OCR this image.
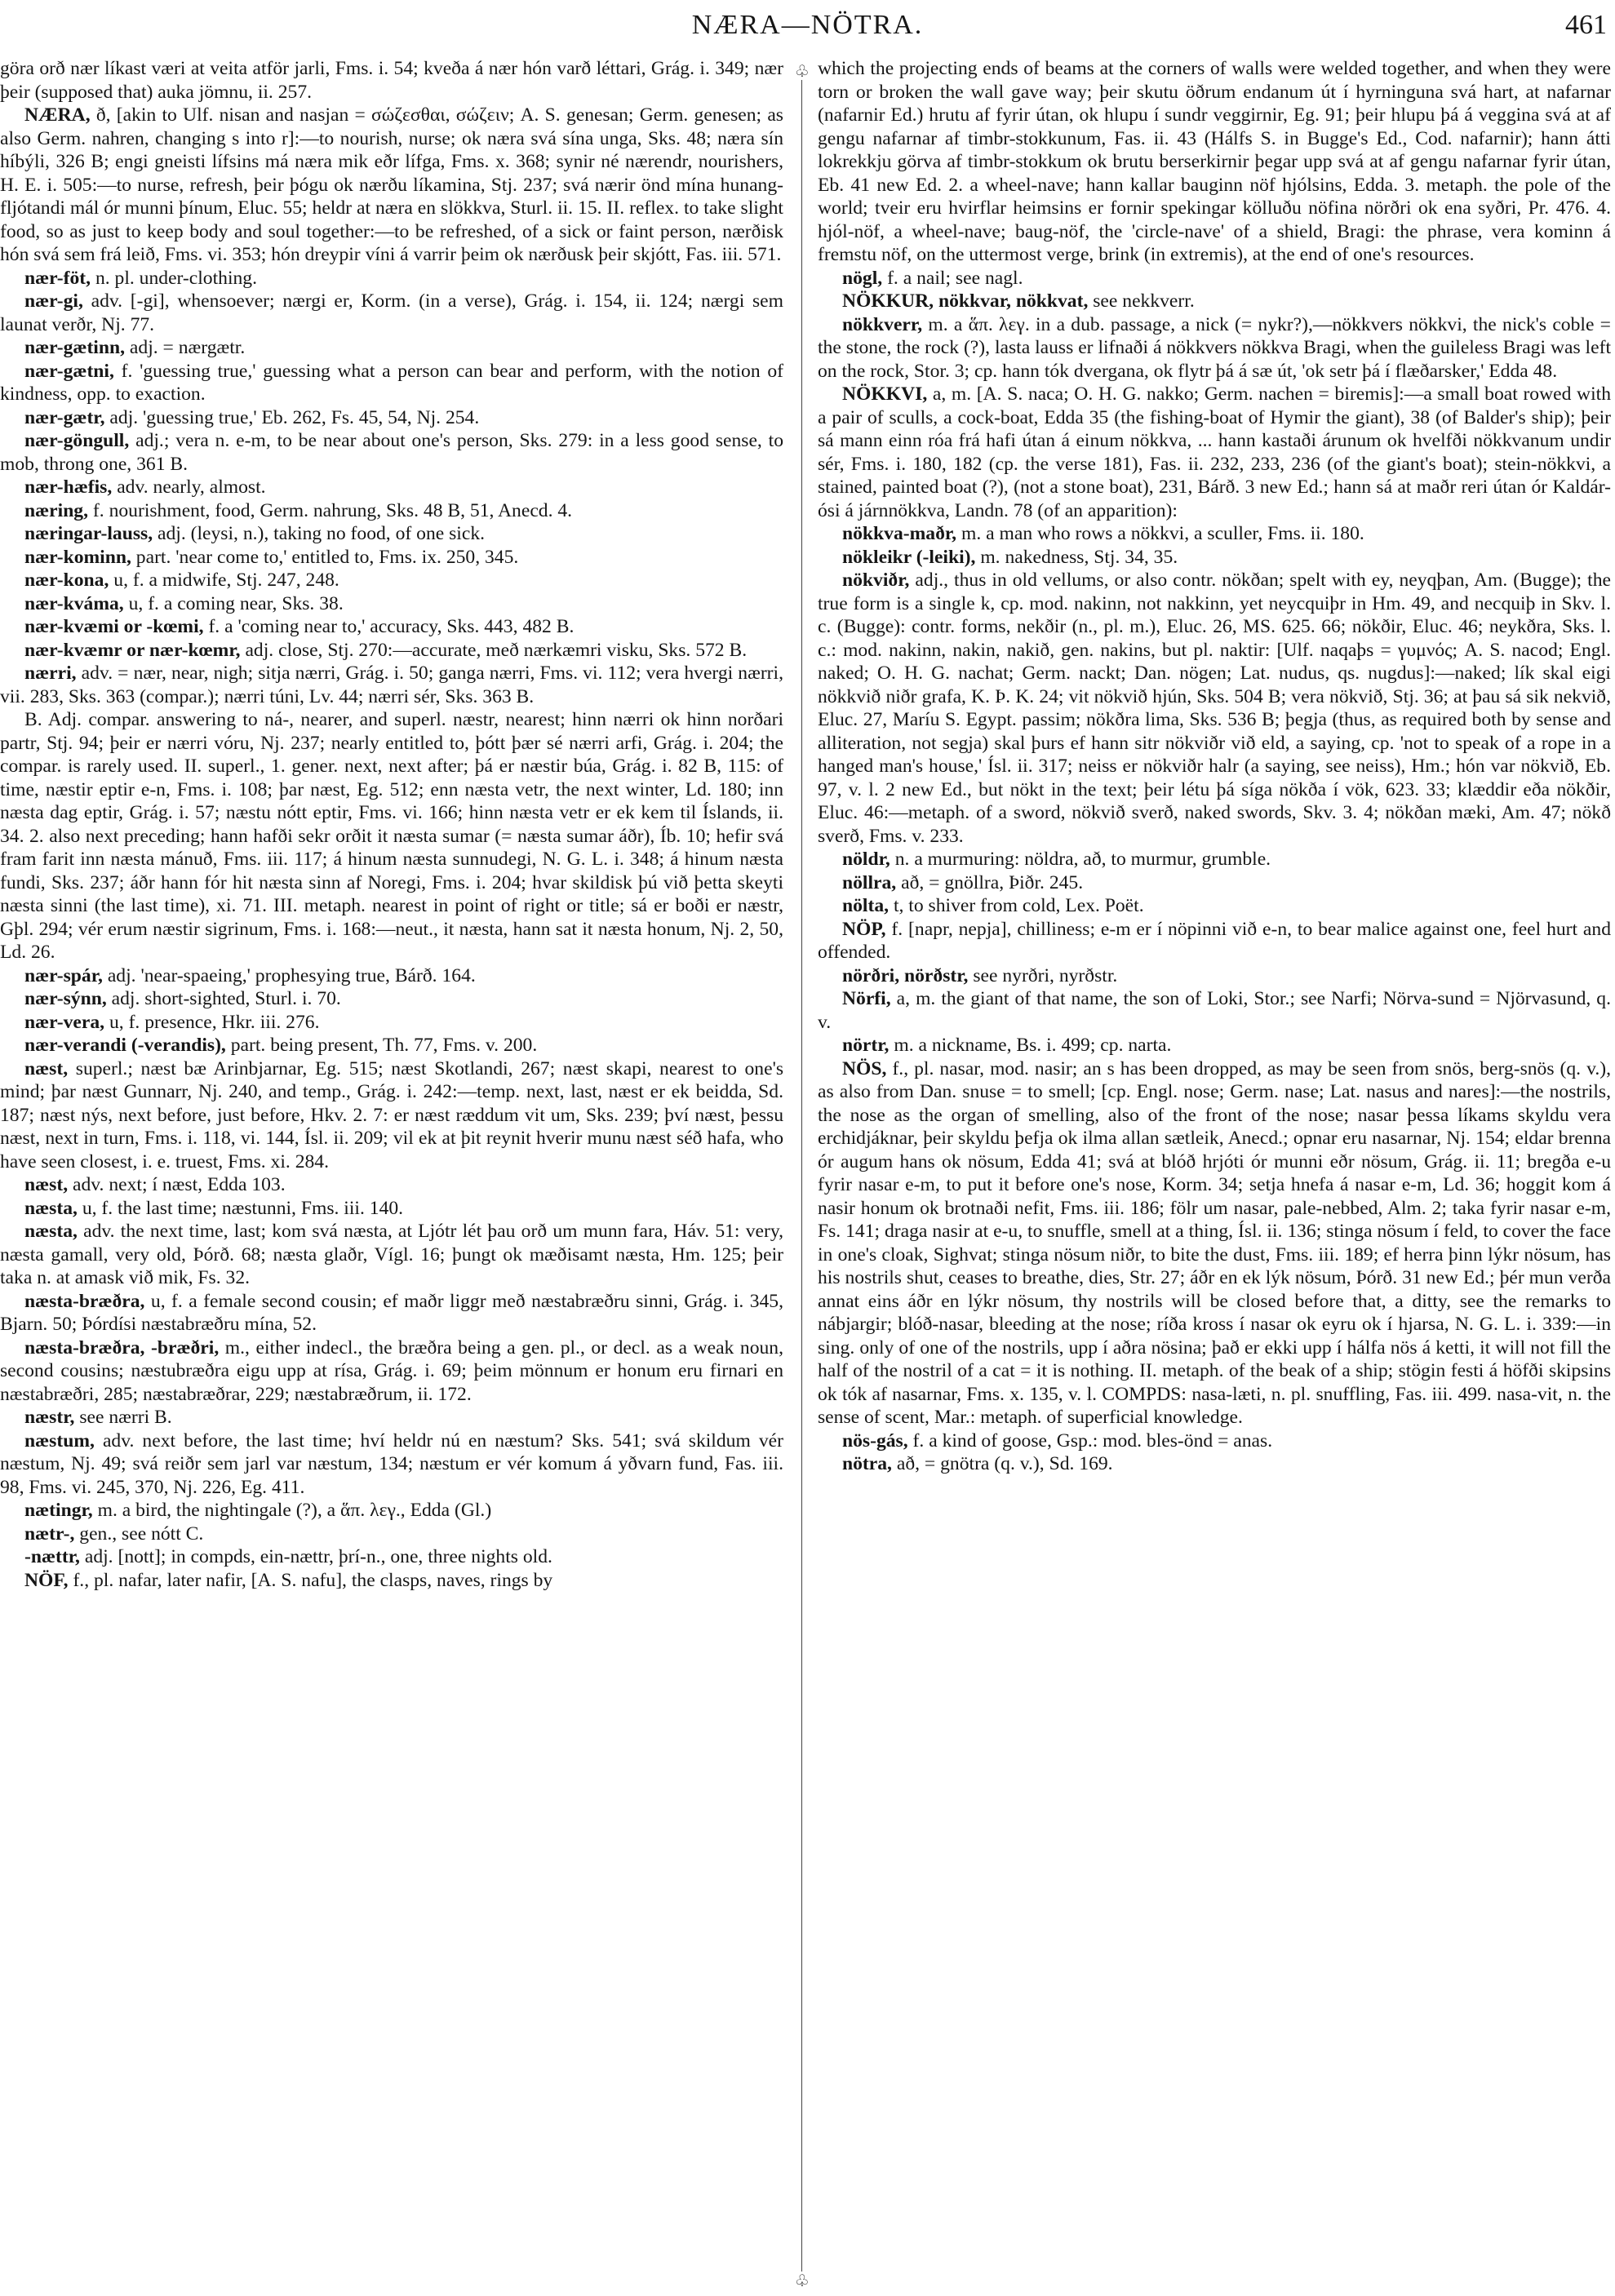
NÆRA—NÖTRA.	461

göra orð nær líkast væri at veita atför jarli, Fms. i. 54; kveða á nær hón varð léttari, Grág. i. 349; nær þeir (supposed that) auka jömnu, ii. 257.

NÆRA, ð, [akin to Ulf. nisan and nasjan = σώζεσθαι, σώζειν; A. S. genesan; Germ. genesen; as also Germ. nahren, changing s into r]:—to nourish, nurse; ok næra svá sína unga, Sks. 48; næra sín híbýli, 326 B; engi gneisti lífsins má næra mik eðr lífga, Fms. x. 368; synir né nærendr, nourishers, H. E. i. 505:—to nurse, refresh, þeir þógu ok nærðu líkamina, Stj. 237; svá nærir önd mína hunang-fljótandi mál ór munni þínum, Eluc. 55; heldr at næra en slökkva, Sturl. ii. 15. II. reflex. to take slight food, so as just to keep body and soul together:—to be refreshed, of a sick or faint person, nærðisk hón svá sem frá leið, Fms. vi. 353; hón dreypir víni á varrir þeim ok nærðusk þeir skjótt, Fas. iii. 571.

nær-föt, n. pl. under-clothing.

nær-gi, adv. [-gi], whensoever; nærgi er, Korm. (in a verse), Grág. i. 154, ii. 124; nærgi sem launat verðr, Nj. 77.

nær-gætinn, adj. = nærgætr.

nær-gætni, f. 'guessing true,' guessing what a person can bear and perform, with the notion of kindness, opp. to exaction.

nær-gætr, adj. 'guessing true,' Eb. 262, Fs. 45, 54, Nj. 254.

nær-göngull, adj.; vera n. e-m, to be near about one's person, Sks. 279: in a less good sense, to mob, throng one, 361 B.

nær-hæfis, adv. nearly, almost.

næring, f. nourishment, food, Germ. nahrung, Sks. 48 B, 51, Anecd. 4.

næringar-lauss, adj. (leysi, n.), taking no food, of one sick.

nær-kominn, part. 'near come to,' entitled to, Fms. ix. 250, 345.

nær-kona, u, f. a midwife, Stj. 247, 248.

nær-kváma, u, f. a coming near, Sks. 38.

nær-kvæmi or -kœmi, f. a 'coming near to,' accuracy, Sks. 443, 482 B.

nær-kvæmr or nær-kœmr, adj. close, Stj. 270:—accurate, með nærkæmri visku, Sks. 572 B.

nærri, adv. = nær, near, nigh; sitja nærri, Grág. i. 50; ganga nærri, Fms. vi. 112; vera hvergi nærri, vii. 283, Sks. 363 (compar.); nærri túni, Lv. 44; nærri sér, Sks. 363 B.

B. Adj. compar. answering to ná-, nearer, and superl. næstr, nearest; hinn nærri ok hinn norðari partr, Stj. 94; þeir er nærri vóru, Nj. 237; nearly entitled to, þótt þær sé nærri arfi, Grág. i. 204; the compar. is rarely used. II. superl., 1. gener. next, next after; þá er næstir búa, Grág. i. 82 B, 115: of time, næstir eptir e-n, Fms. i. 108; þar næst, Eg. 512; enn næsta vetr, the next winter, Ld. 180; inn næsta dag eptir, Grág. i. 57; næstu nótt eptir, Fms. vi. 166; hinn næsta vetr er ek kem til Íslands, ii. 34. 2. also next preceding; hann hafði sekr orðit it næsta sumar (= næsta sumar áðr), Íb. 10; hefir svá fram farit inn næsta mánuð, Fms. iii. 117; á hinum næsta sunnudegi, N. G. L. i. 348; á hinum næsta fundi, Sks. 237; áðr hann fór hit næsta sinn af Noregi, Fms. i. 204; hvar skildisk þú við þetta skeyti næsta sinni (the last time), xi. 71. III. metaph. nearest in point of right or title; sá er boði er næstr, Gþl. 294; vér erum næstir sigrinum, Fms. i. 168:—neut., it næsta, hann sat it næsta honum, Nj. 2, 50, Ld. 26.

nær-spár, adj. 'near-spaeing,' prophesying true, Bárð. 164.

nær-sýnn, adj. short-sighted, Sturl. i. 70.

nær-vera, u, f. presence, Hkr. iii. 276.

nær-verandi (-verandis), part. being present, Th. 77, Fms. v. 200.

næst, superl.; næst bæ Arinbjarnar, Eg. 515; næst Skotlandi, 267; næst skapi, nearest to one's mind; þar næst Gunnarr, Nj. 240, and temp., Grág. i. 242:—temp. next, last, næst er ek beidda, Sd. 187; næst nýs, next before, just before, Hkv. 2. 7: er næst ræddum vit um, Sks. 239; því næst, þessu næst, next in turn, Fms. i. 118, vi. 144, Ísl. ii. 209; vil ek at þit reynit hverir munu næst séð hafa, who have seen closest, i. e. truest, Fms. xi. 284.

næst, adv. next; í næst, Edda 103.

næsta, u, f. the last time; næstunni, Fms. iii. 140.

næsta, adv. the next time, last; kom svá næsta, at Ljótr lét þau orð um munn fara, Háv. 51: very, næsta gamall, very old, Þórð. 68; næsta glaðr, Vígl. 16; þungt ok mæðisamt næsta, Hm. 125; þeir taka n. at amask við mik, Fs. 32.

næsta-bræðra, u, f. a female second cousin; ef maðr liggr með næstabræðru sinni, Grág. i. 345, Bjarn. 50; Þórdísi næstabræðru mína, 52.

næsta-bræðra, -bræðri, m., either indecl., the bræðra being a gen. pl., or decl. as a weak noun, second cousins; næstubræðra eigu upp at rísa, Grág. i. 69; þeim mönnum er honum eru firnari en næstabræðri, 285; næstabræðrar, 229; næstabræðrum, ii. 172.

næstr, see nærri B.

næstum, adv. next before, the last time; hví heldr nú en næstum? Sks. 541; svá skildum vér næstum, Nj. 49; svá reiðr sem jarl var næstum, 134; næstum er vér komum á yðvarn fund, Fas. iii. 98, Fms. vi. 245, 370, Nj. 226, Eg. 411.

nætingr, m. a bird, the nightingale (?), a ἅπ. λεγ., Edda (Gl.)

nætr-, gen., see nótt C.

-nættr, adj. [nott]; in compds, ein-nættr, þrí-n., one, three nights old.

NÖF, f., pl. nafar, later nafir, [A. S. nafu], the clasps, naves, rings by

♧
♧

which the projecting ends of beams at the corners of walls were welded together, and when they were torn or broken the wall gave way; þeir skutu öðrum endanum út í hyrninguna svá hart, at nafarnar (nafarnir Ed.) hrutu af fyrir útan, ok hlupu í sundr veggirnir, Eg. 91; þeir hlupu þá á veggina svá at af gengu nafarnar af timbr-stokkunum, Fas. ii. 43 (Hálfs S. in Bugge's Ed., Cod. nafarnir); hann átti lokrekkju görva af timbr-stokkum ok brutu berserkirnir þegar upp svá at af gengu nafarnar fyrir útan, Eb. 41 new Ed. 2. a wheel-nave; hann kallar bauginn nöf hjólsins, Edda. 3. metaph. the pole of the world; tveir eru hvirflar heimsins er fornir spekingar kölluðu nöfina nörðri ok ena syðri, Pr. 476. 4. hjól-nöf, a wheel-nave; baug-nöf, the 'circle-nave' of a shield, Bragi: the phrase, vera kominn á fremstu nöf, on the uttermost verge, brink (in extremis), at the end of one's resources.

nögl, f. a nail; see nagl.

NÖKKUR, nökkvar, nökkvat, see nekkverr.

nökkverr, m. a ἅπ. λεγ. in a dub. passage, a nick (= nykr?),—nökkvers nökkvi, the nick's coble = the stone, the rock (?), lasta lauss er lifnaði á nökkvers nökkva Bragi, when the guileless Bragi was left on the rock, Stor. 3; cp. hann tók dvergana, ok flytr þá á sæ út, 'ok setr þá í flæðarsker,' Edda 48.

NÖKKVI, a, m. [A. S. naca; O. H. G. nakko; Germ. nachen = biremis]:—a small boat rowed with a pair of sculls, a cock-boat, Edda 35 (the fishing-boat of Hymir the giant), 38 (of Balder's ship); þeir sá mann einn róa frá hafi útan á einum nökkva, ... hann kastaði árunum ok hvelfði nökkvanum undir sér, Fms. i. 180, 182 (cp. the verse 181), Fas. ii. 232, 233, 236 (of the giant's boat); stein-nökkvi, a stained, painted boat (?), (not a stone boat), 231, Bárð. 3 new Ed.; hann sá at maðr reri útan ór Kaldár-ósi á járnnökkva, Landn. 78 (of an apparition):

nökkva-maðr, m. a man who rows a nökkvi, a sculler, Fms. ii. 180.

nökleikr (-leiki), m. nakedness, Stj. 34, 35.

nökviðr, adj., thus in old vellums, or also contr. nökðan; spelt with ey, neyqþan, Am. (Bugge); the true form is a single k, cp. mod. nakinn, not nakkinn, yet neycquiþr in Hm. 49, and necquiþ in Skv. l. c. (Bugge): contr. forms, nekðir (n., pl. m.), Eluc. 26, MS. 625. 66; nökðir, Eluc. 46; neykðra, Sks. l. c.: mod. nakinn, nakin, nakið, gen. nakins, but pl. naktir: [Ulf. naqaþs = γυμνός; A. S. nacod; Engl. naked; O. H. G. nachat; Germ. nackt; Dan. nögen; Lat. nudus, qs. nugdus]:—naked; lík skal eigi nökkvið niðr grafa, K. Þ. K. 24; vit nökvið hjún, Sks. 504 B; vera nökvið, Stj. 36; at þau sá sik nekvið, Eluc. 27, Maríu S. Egypt. passim; nökðra lima, Sks. 536 B; þegja (thus, as required both by sense and alliteration, not segja) skal þurs ef hann sitr nökviðr við eld, a saying, cp. 'not to speak of a rope in a hanged man's house,' Ísl. ii. 317; neiss er nökviðr halr (a saying, see neiss), Hm.; hón var nökvið, Eb. 97, v. l. 2 new Ed., but nökt in the text; þeir létu þá síga nökða í vök, 623. 33; klæddir eða nökðir, Eluc. 46:—metaph. of a sword, nökvið sverð, naked swords, Skv. 3. 4; nökðan mæki, Am. 47; nökð sverð, Fms. v. 233.

nöldr, n. a murmuring: nöldra, að, to murmur, grumble.

nöllra, að, = gnöllra, Þiðr. 245.

nölta, t, to shiver from cold, Lex. Poët.

NÖP, f. [napr, nepja], chilliness; e-m er í nöpinni við e-n, to bear malice against one, feel hurt and offended.

nörðri, nörðstr, see nyrðri, nyrðstr.

Nörfi, a, m. the giant of that name, the son of Loki, Stor.; see Narfi; Nörva-sund = Njörvasund, q. v.

nörtr, m. a nickname, Bs. i. 499; cp. narta.

NÖS, f., pl. nasar, mod. nasir; an s has been dropped, as may be seen from snös, berg-snös (q. v.), as also from Dan. snuse = to smell; [cp. Engl. nose; Germ. nase; Lat. nasus and nares]:—the nostrils, the nose as the organ of smelling, also of the front of the nose; nasar þessa líkams skyldu vera erchidjáknar, þeir skyldu þefja ok ilma allan sætleik, Anecd.; opnar eru nasarnar, Nj. 154; eldar brenna ór augum hans ok nösum, Edda 41; svá at blóð hrjóti ór munni eðr nösum, Grág. ii. 11; bregða e-u fyrir nasar e-m, to put it before one's nose, Korm. 34; setja hnefa á nasar e-m, Ld. 36; hoggit kom á nasir honum ok brotnaði nefit, Fms. iii. 186; fölr um nasar, pale-nebbed, Alm. 2; taka fyrir nasar e-m, Fs. 141; draga nasir at e-u, to snuffle, smell at a thing, Ísl. ii. 136; stinga nösum í feld, to cover the face in one's cloak, Sighvat; stinga nösum niðr, to bite the dust, Fms. iii. 189; ef herra þinn lýkr nösum, has his nostrils shut, ceases to breathe, dies, Str. 27; áðr en ek lýk nösum, Þórð. 31 new Ed.; þér mun verða annat eins áðr en lýkr nösum, thy nostrils will be closed before that, a ditty, see the remarks to nábjargir; blóð-nasar, bleeding at the nose; ríða kross í nasar ok eyru ok í hjarsa, N. G. L. i. 339:—in sing. only of one of the nostrils, upp í aðra nösina; það er ekki upp í hálfa nös á ketti, it will not fill the half of the nostril of a cat = it is nothing. II. metaph. of the beak of a ship; stögin festi á höfði skipsins ok tók af nasarnar, Fms. x. 135, v. l. COMPDS: nasa-læti, n. pl. snuffling, Fas. iii. 499. nasa-vit, n. the sense of scent, Mar.: metaph. of superficial knowledge.

nös-gás, f. a kind of goose, Gsp.: mod. bles-önd = anas.

nötra, að, = gnötra (q. v.), Sd. 169.
